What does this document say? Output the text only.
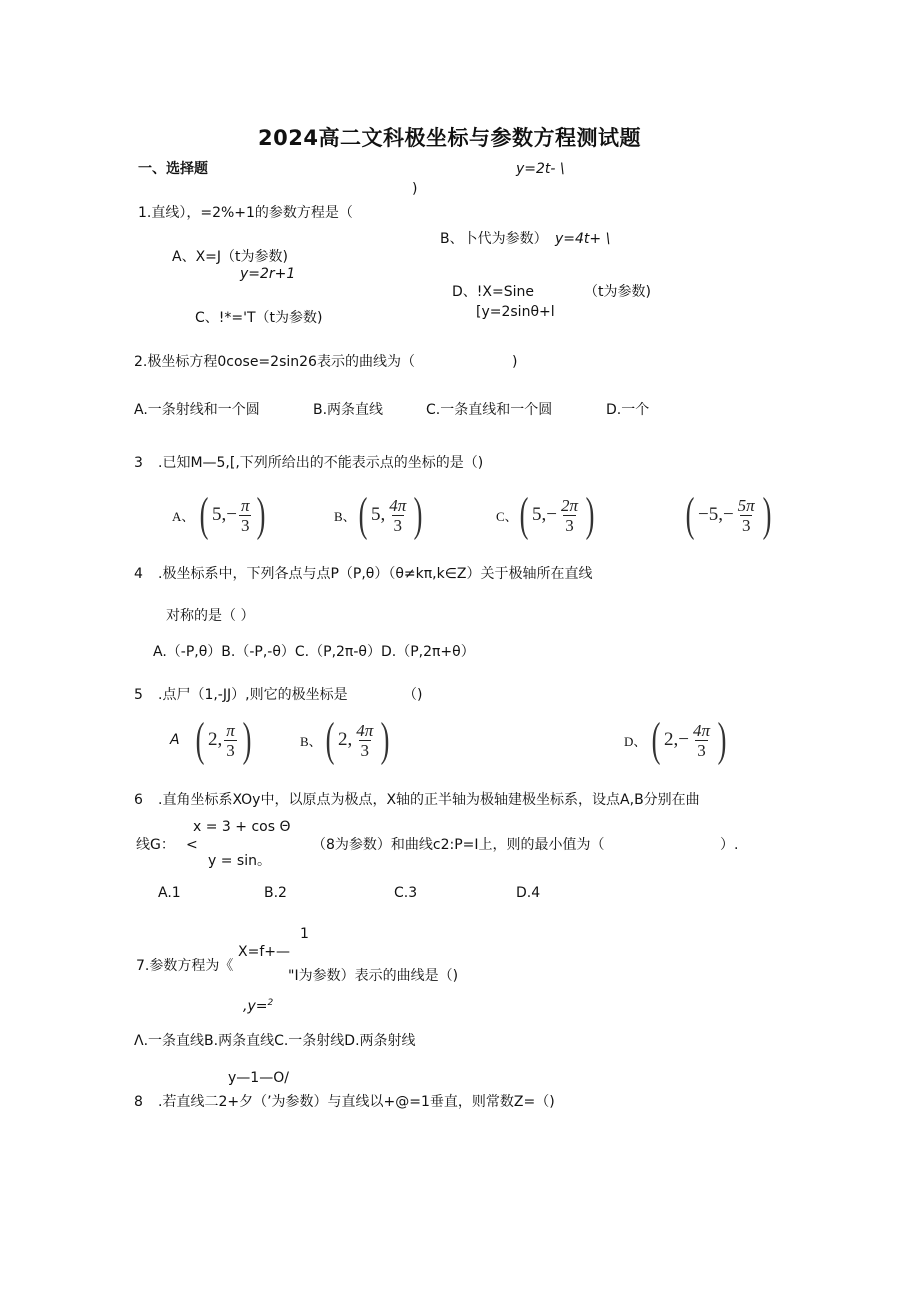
2024高二文科极坐标与参数方程测试题
一、选择题	y=2t- \
)
1.直线），=2%+1的参数方程是（
B、卜代为参数） y=4t+ \
A、X=J（t为参数)
y=2r+1
D、!X=Sine	（t为参数)
C、!*='T（t为参数)	[y=2sinθ+l
2.极坐标方程0cose=2sin26表示的曲线为（	)
A.一条射线和一个圆	B.两条直线	C.一条直线和一个圆	D.一个
3 .已知M—5,[,下列所给出的不能表示点的坐标的是（)
A、 ( 5, − $\frac{\pi}{3}$ )	B、 ( 5, $\frac{4\pi}{3}$ )	C、 ( 5, − $\frac{2\pi}{3}$ ) ( −5, − $\frac{5\pi}{3}$ )
4 .极坐标系中，下列各点与点P（P,θ）（θ≠kπ,k∈Z）关于极轴所在直线
对称的是（ ）
A.（-P,θ）B.（-P,-θ）C.（P,2π-θ）D.（P,2π+θ）
5 .点尸（1,-JJ）,则它的极坐标是	（)
A ( 2, $\frac{\pi}{3}$ )	B、 ( 2, $\frac{4\pi}{3}$ )	D、 ( 2, − $\frac{4\pi}{3}$ )
6 .直角坐标系XOy中，以原点为极点，X轴的正半轴为极轴建极坐标系，设点A,B分别在曲
x = 3 + cos Θ
线G： <	（8为参数）和曲线c2:P=I上，则的最小值为（	）.
y = sin。
A.1	B.2	C.3	D.4
1
X=f+—
7.参数方程为《
"I为参数）表示的曲线是（)
,y=$^2$
Λ.一条直线B.两条直线C.一条射线D.两条射线
y—1—O/
8 .若直线二2+夕（’为参数）与直线以+@=1垂直，则常数Z=（)
